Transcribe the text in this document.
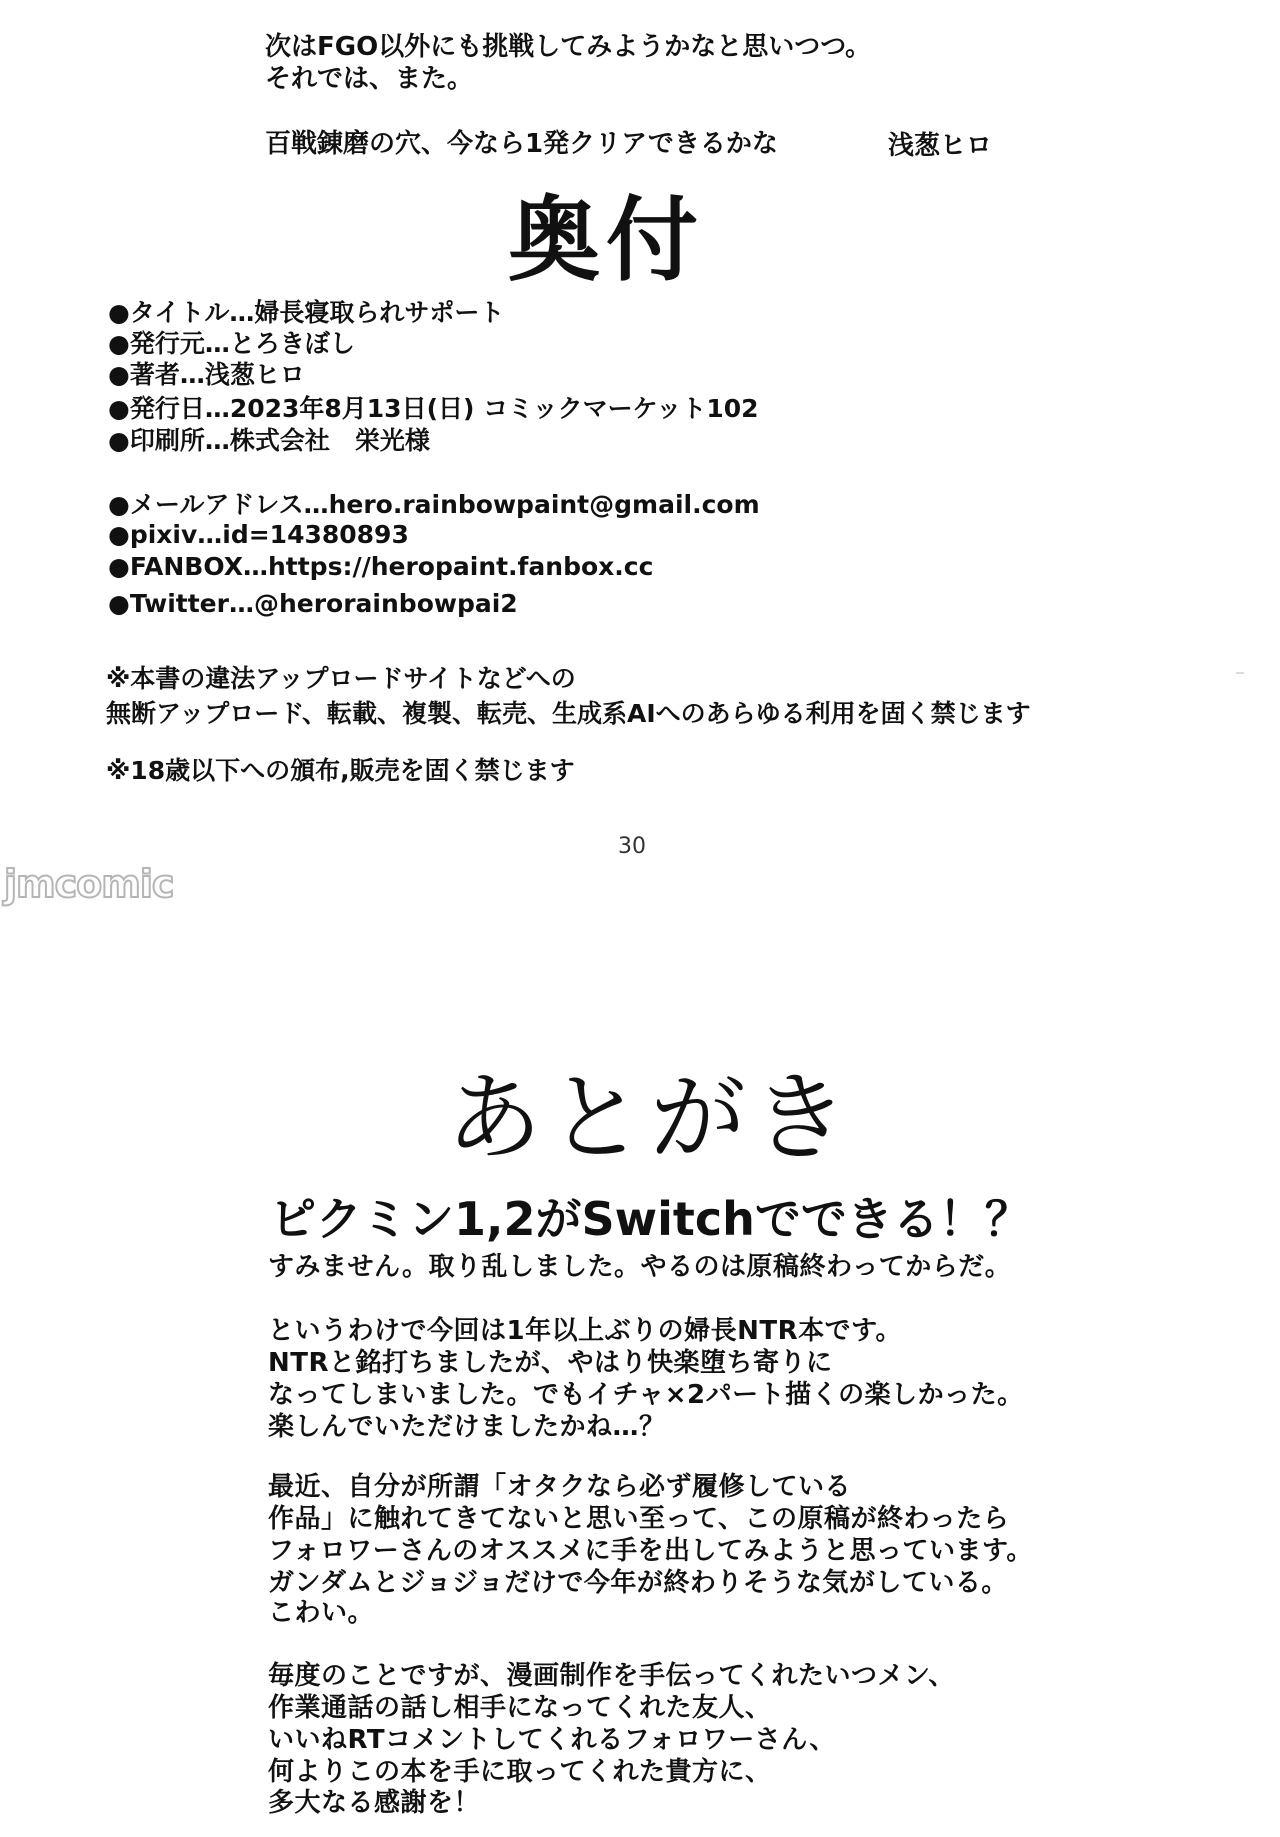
次はFGO以外にも挑戦してみようかなと思いつつ。
それでは、また。
百戦錬磨の穴、今なら1発クリアできるかな	浅葱ヒロ
奥付
●タイトル…婦長寝取られサポート
●発行元…とろきぼし
●著者…浅葱ヒロ
●発行日…2023年8月13日(日) コミックマーケット102
●印刷所…株式会社　栄光様
●メールアドレス…hero.rainbowpaint@gmail.com
●pixiv…id=14380893
●FANBOX…https://heropaint.fanbox.cc
●Twitter…@herorainbowpai2
※本書の違法アップロードサイトなどへの
無断アップロード、転載、複製、転売、生成系AIへのあらゆる利用を固く禁じます
※18歳以下への頒布,販売を固く禁じます
30
jmcomic
あとがき
ピクミン1,2がSwitchでできる！？
すみません。取り乱しました。やるのは原稿終わってからだ。
というわけで今回は1年以上ぶりの婦長NTR本です。
NTRと銘打ちましたが、やはり快楽堕ち寄りに
なってしまいました。でもイチャ×2パート描くの楽しかった。
楽しんでいただけましたかね…？
最近、自分が所謂「オタクなら必ず履修している
作品」に触れてきてないと思い至って、この原稿が終わったら
フォロワーさんのオススメに手を出してみようと思っています。
ガンダムとジョジョだけで今年が終わりそうな気がしている。
こわい。
毎度のことですが、漫画制作を手伝ってくれたいつメン、
作業通話の話し相手になってくれた友人、
いいねRTコメントしてくれるフォロワーさん、
何よりこの本を手に取ってくれた貴方に、
多大なる感謝を！
